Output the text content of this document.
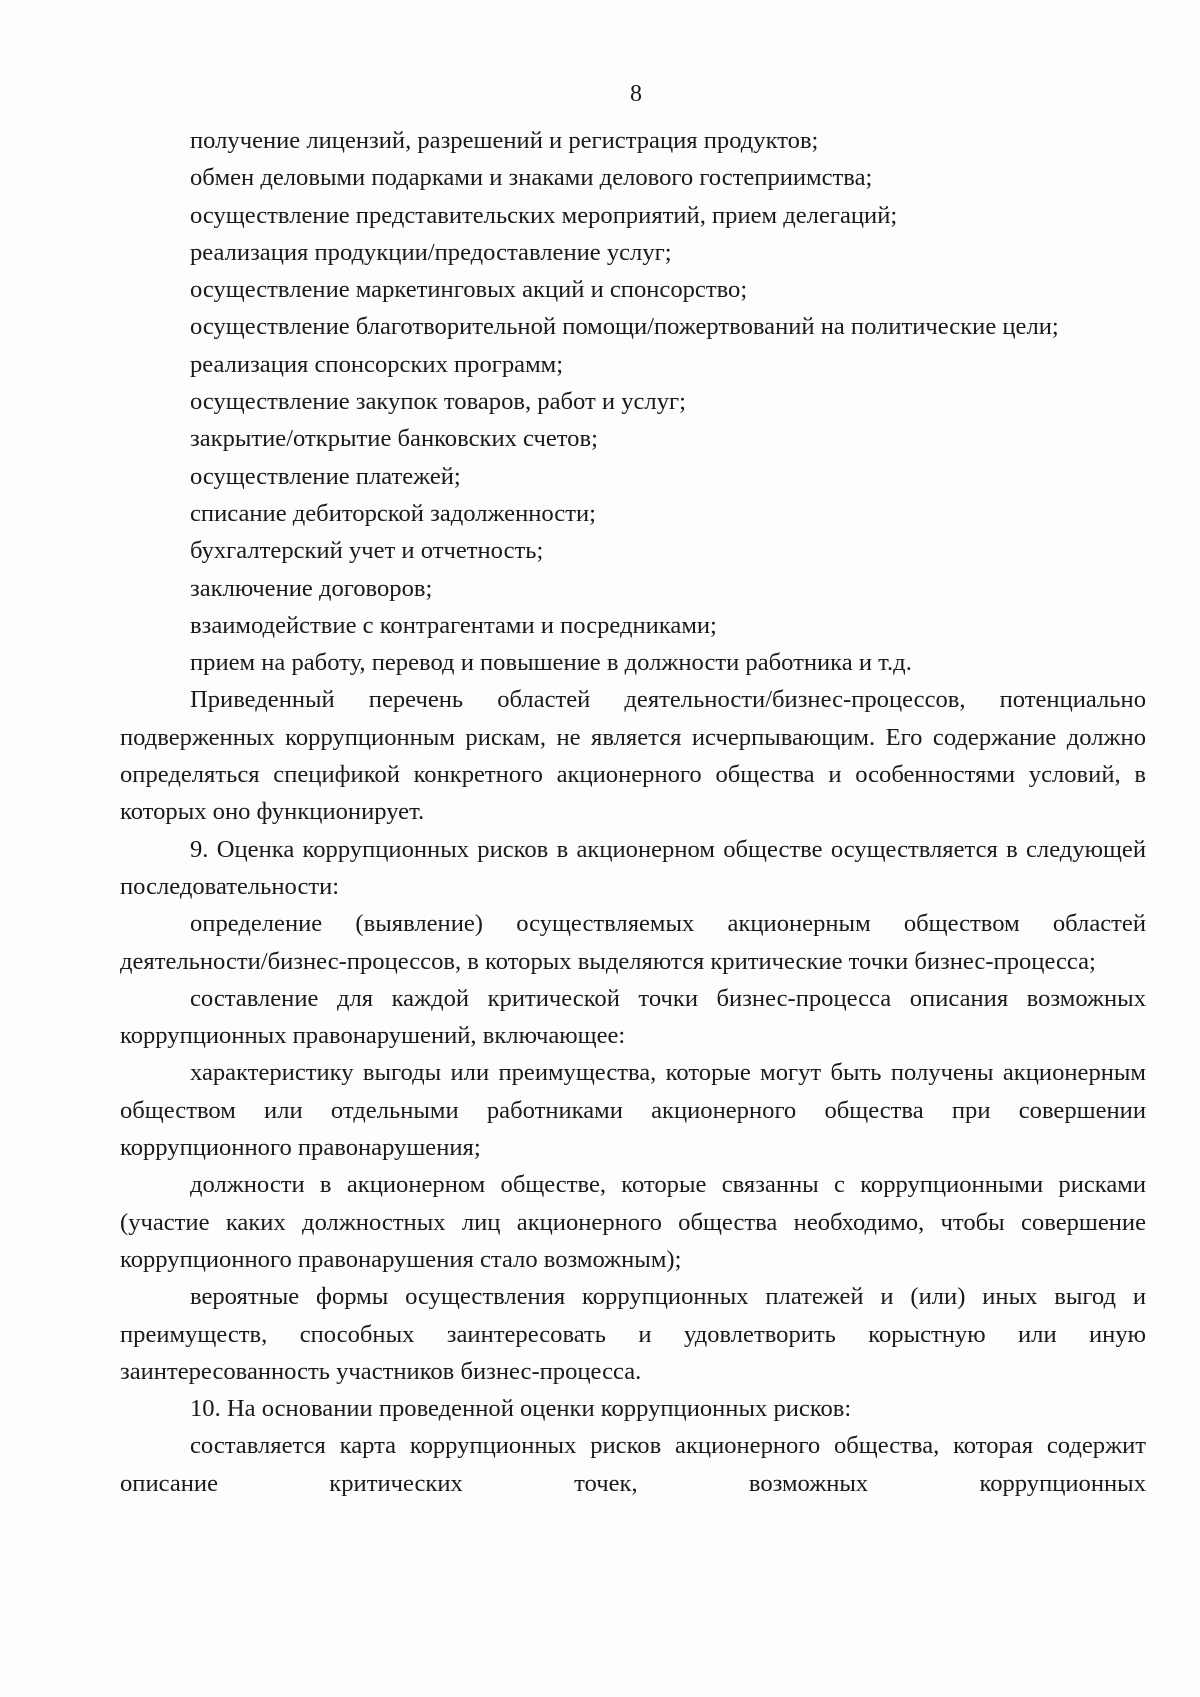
8

получение лицензий, разрешений и регистрация продуктов;

обмен деловыми подарками и знаками делового гостеприимства;

осуществление представительских мероприятий, прием делегаций;

реализация продукции/предоставление услуг;

осуществление маркетинговых акций и спонсорство;

осуществление благотворительной помощи/пожертвований на политические цели;

реализация спонсорских программ;

осуществление закупок товаров, работ и услуг;

закрытие/открытие банковских счетов;

осуществление платежей;

списание дебиторской задолженности;

бухгалтерский учет и отчетность;

заключение договоров;

взаимодействие с контрагентами и посредниками;

прием на работу, перевод и повышение в должности работника и т.д.

Приведенный перечень областей деятельности/бизнес-процессов, потенциально подверженных коррупционным рискам, не является исчерпывающим. Его содержание должно определяться спецификой конкретного акционерного общества и особенностями условий, в которых оно функционирует.

9. Оценка коррупционных рисков в акционерном обществе осуществляется в следующей последовательности:

определение (выявление) осуществляемых акционерным обществом областей деятельности/бизнес-процессов, в которых выделяются критические точки бизнес-процесса;

составление для каждой критической точки бизнес-процесса описания возможных коррупционных правонарушений, включающее:

характеристику выгоды или преимущества, которые могут быть получены акционерным обществом или отдельными работниками акционерного общества при совершении коррупционного правонарушения;

должности в акционерном обществе, которые связанны с коррупционными рисками (участие каких должностных лиц акционерного общества необходимо, чтобы совершение коррупционного правонарушения стало возможным);

вероятные формы осуществления коррупционных платежей и (или) иных выгод и преимуществ, способных заинтересовать и удовлетворить корыстную или иную заинтересованность участников бизнес-процесса.

10. На основании проведенной оценки коррупционных рисков:

составляется карта коррупционных рисков акционерного общества, которая содержит описание критических точек, возможных коррупционных
